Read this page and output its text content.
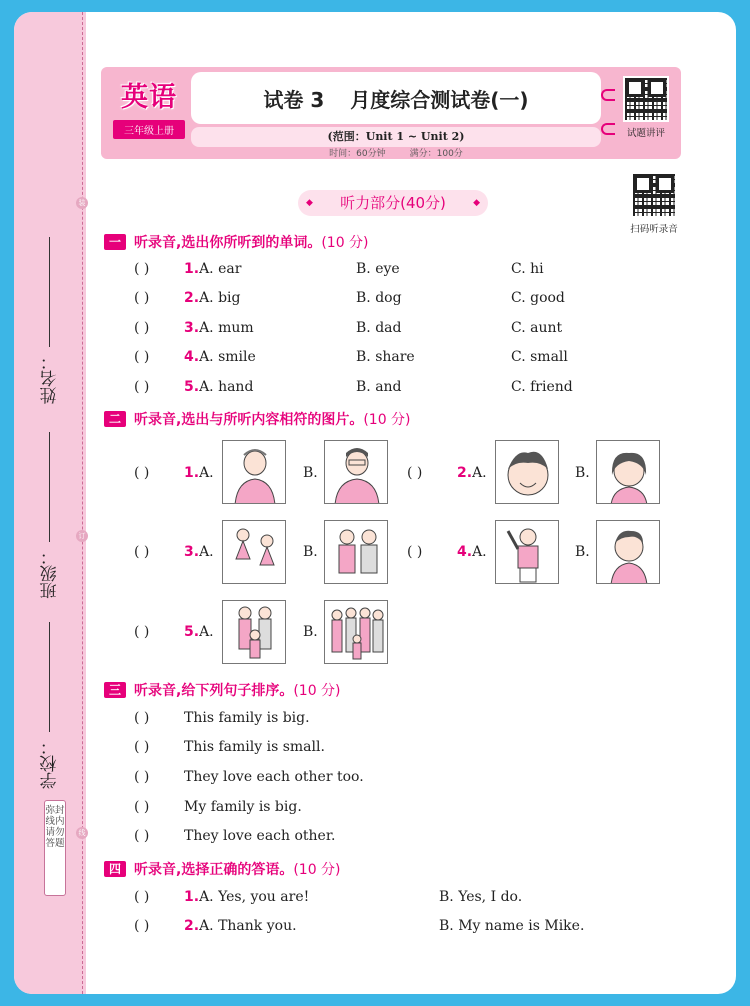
姓名：
班级：
学校：
装
订
线
弥封线内请勿答题
英语
三年级上册
试卷 3 月度综合测试卷(一)
(范围：Unit 1 ~ Unit 2)
时间：60分钟	满分：100分
试题讲评
扫码听录音
◆ 听力部分(40分) ◆
一 听录音,选出你所听到的单词。 (10 分)
( ) 1.A. ear	B. eye	C. hi
( ) 2.A. big	B. dog	C. good
( ) 3.A. mum	B. dad	C. aunt
( ) 4.A. smile	B. share	C. small
( ) 5.A. hand	B. and	C. friend
二 听录音,选出与所听内容相符的图片。 (10 分)
( ) 1.A.	B.	( ) 2.A.	B.
( ) 3.A.	B.	( ) 4.A.	B.
( ) 5.A.	B.
三 听录音,给下列句子排序。 (10 分)
( ) This family is big.
( ) This family is small.
( ) They love each other too.
( ) My family is big.
( ) They love each other.
四 听录音,选择正确的答语。 (10 分)
( ) 1.A. Yes, you are!	B. Yes, I do.
( ) 2.A. Thank you.	B. My name is Mike.
